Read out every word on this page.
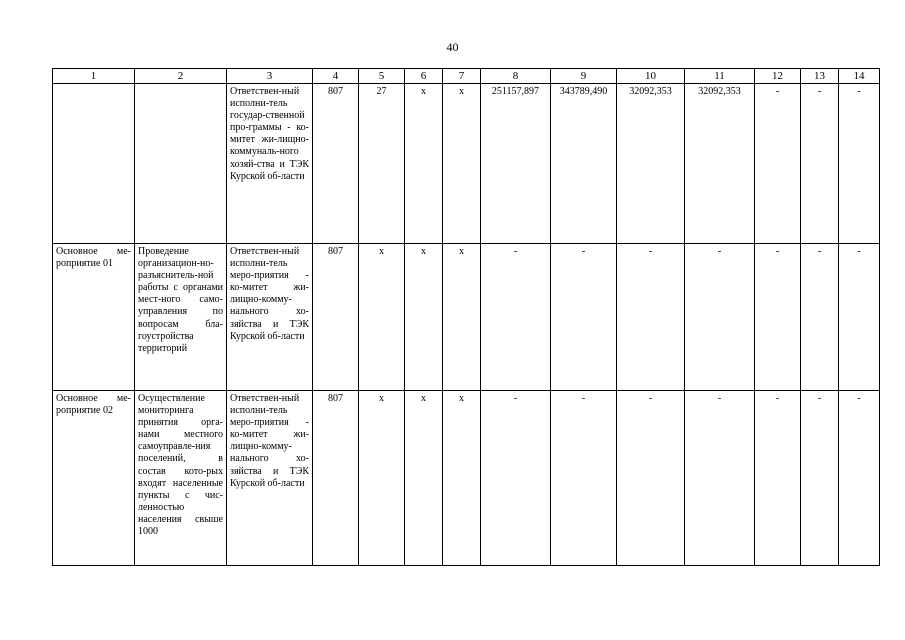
40
1	2	3	4	5	6	7	8	9	10	11	12	13	14
		Ответствен-ный исполни-тель государ-ственной про-граммы - ко-митет жи-лищно-коммуналь-ного хозяй-ства и ТЭК Курской об-ласти	807	27	х	х	251157,897	343789,490	32092,353	32092,353	-	-	-
Основное ме-роприятие 01	Проведение организацион-но-разъяснитель-ной работы с органами мест-ного само-управления по вопросам бла-гоустройства территорий	Ответствен-ный исполни-тель меро-приятия - ко-митет жи-лищно-комму-нального хо-зяйства и ТЭК Курской об-ласти	807	х	х	х	-	-	-	-	-	-	-
Основное ме-роприятие 02	Осуществление мониторинга принятия орга-нами местного самоуправле-ния поселений, в состав кото-рых входят населенные пункты с чис-ленностью населения свыше 1000	Ответствен-ный исполни-тель меро-приятия - ко-митет жи-лищно-комму-нального хо-зяйства и ТЭК Курской об-ласти	807	х	х	х	-	-	-	-	-	-	-
